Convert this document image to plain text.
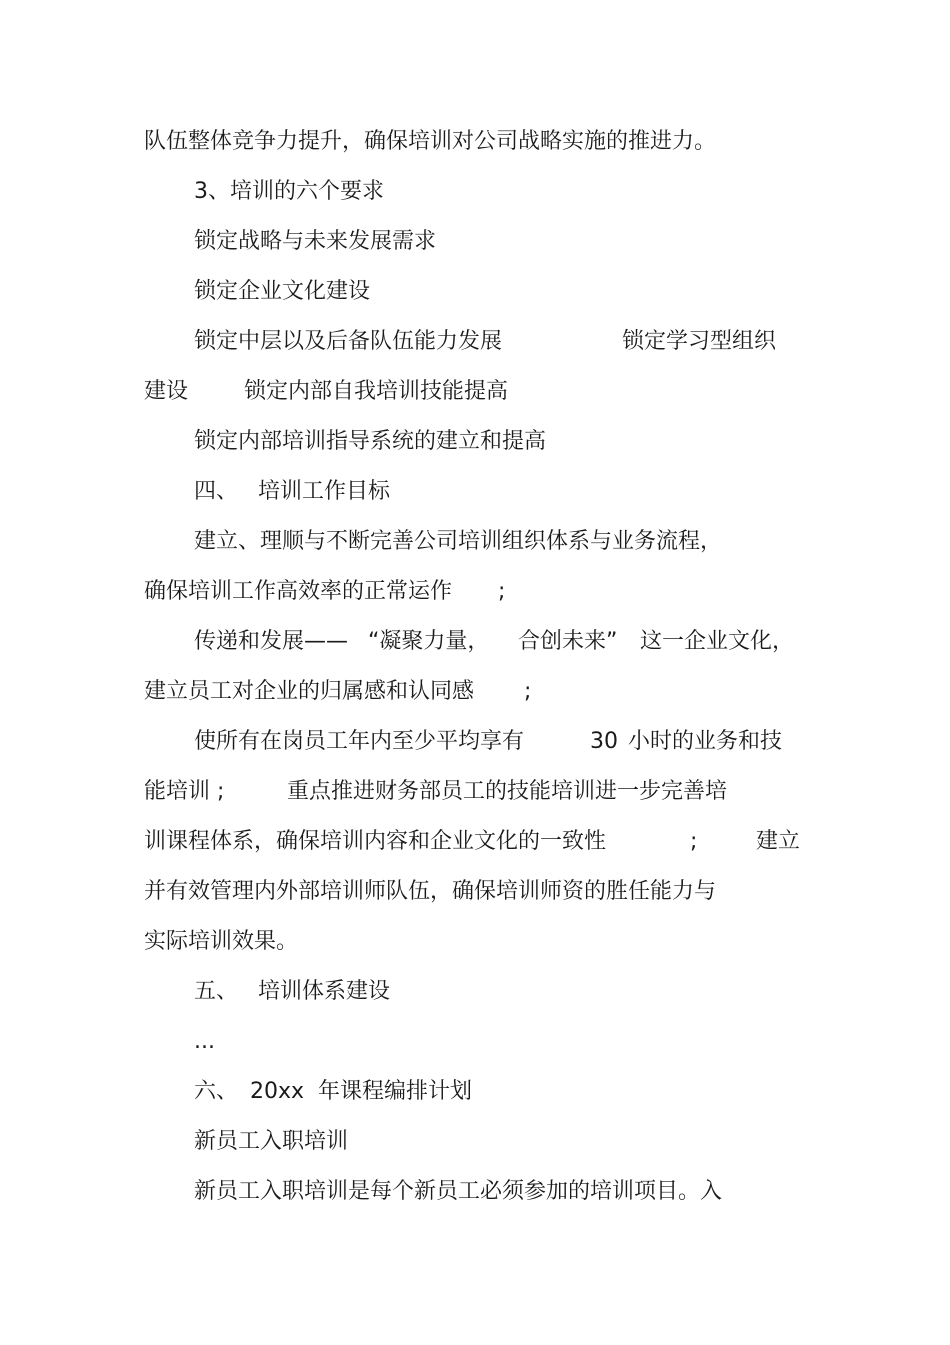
队伍整体竞争力提升，确保培训对公司战略实施的推进力。
3、培训的六个要求
锁定战略与未来发展需求
锁定企业文化建设
锁定中层以及后备队伍能力发展	锁定学习型组织
建设	锁定内部自我培训技能提高
锁定内部培训指导系统的建立和提高
四、 培训工作目标
建立、理顺与不断完善公司培训组织体系与业务流程，
确保培训工作高效率的正常运作 ;
传递和发展—— “凝聚力量， 合创未来” 这一企业文化，
建立员工对企业的归属感和认同感 ;
使所有在岗员工年内至少平均享有	30 小时的业务和技
能培训 ;	重点推进财务部员工的技能培训进一步完善培
训课程体系，确保培训内容和企业文化的一致性	;	建立
并有效管理内外部培训师队伍，确保培训师资的胜任能力与
实际培训效果。
五、 培训体系建设
...
六、 20xx 年课程编排计划
新员工入职培训
新员工入职培训是每个新员工必须参加的培训项目。入
